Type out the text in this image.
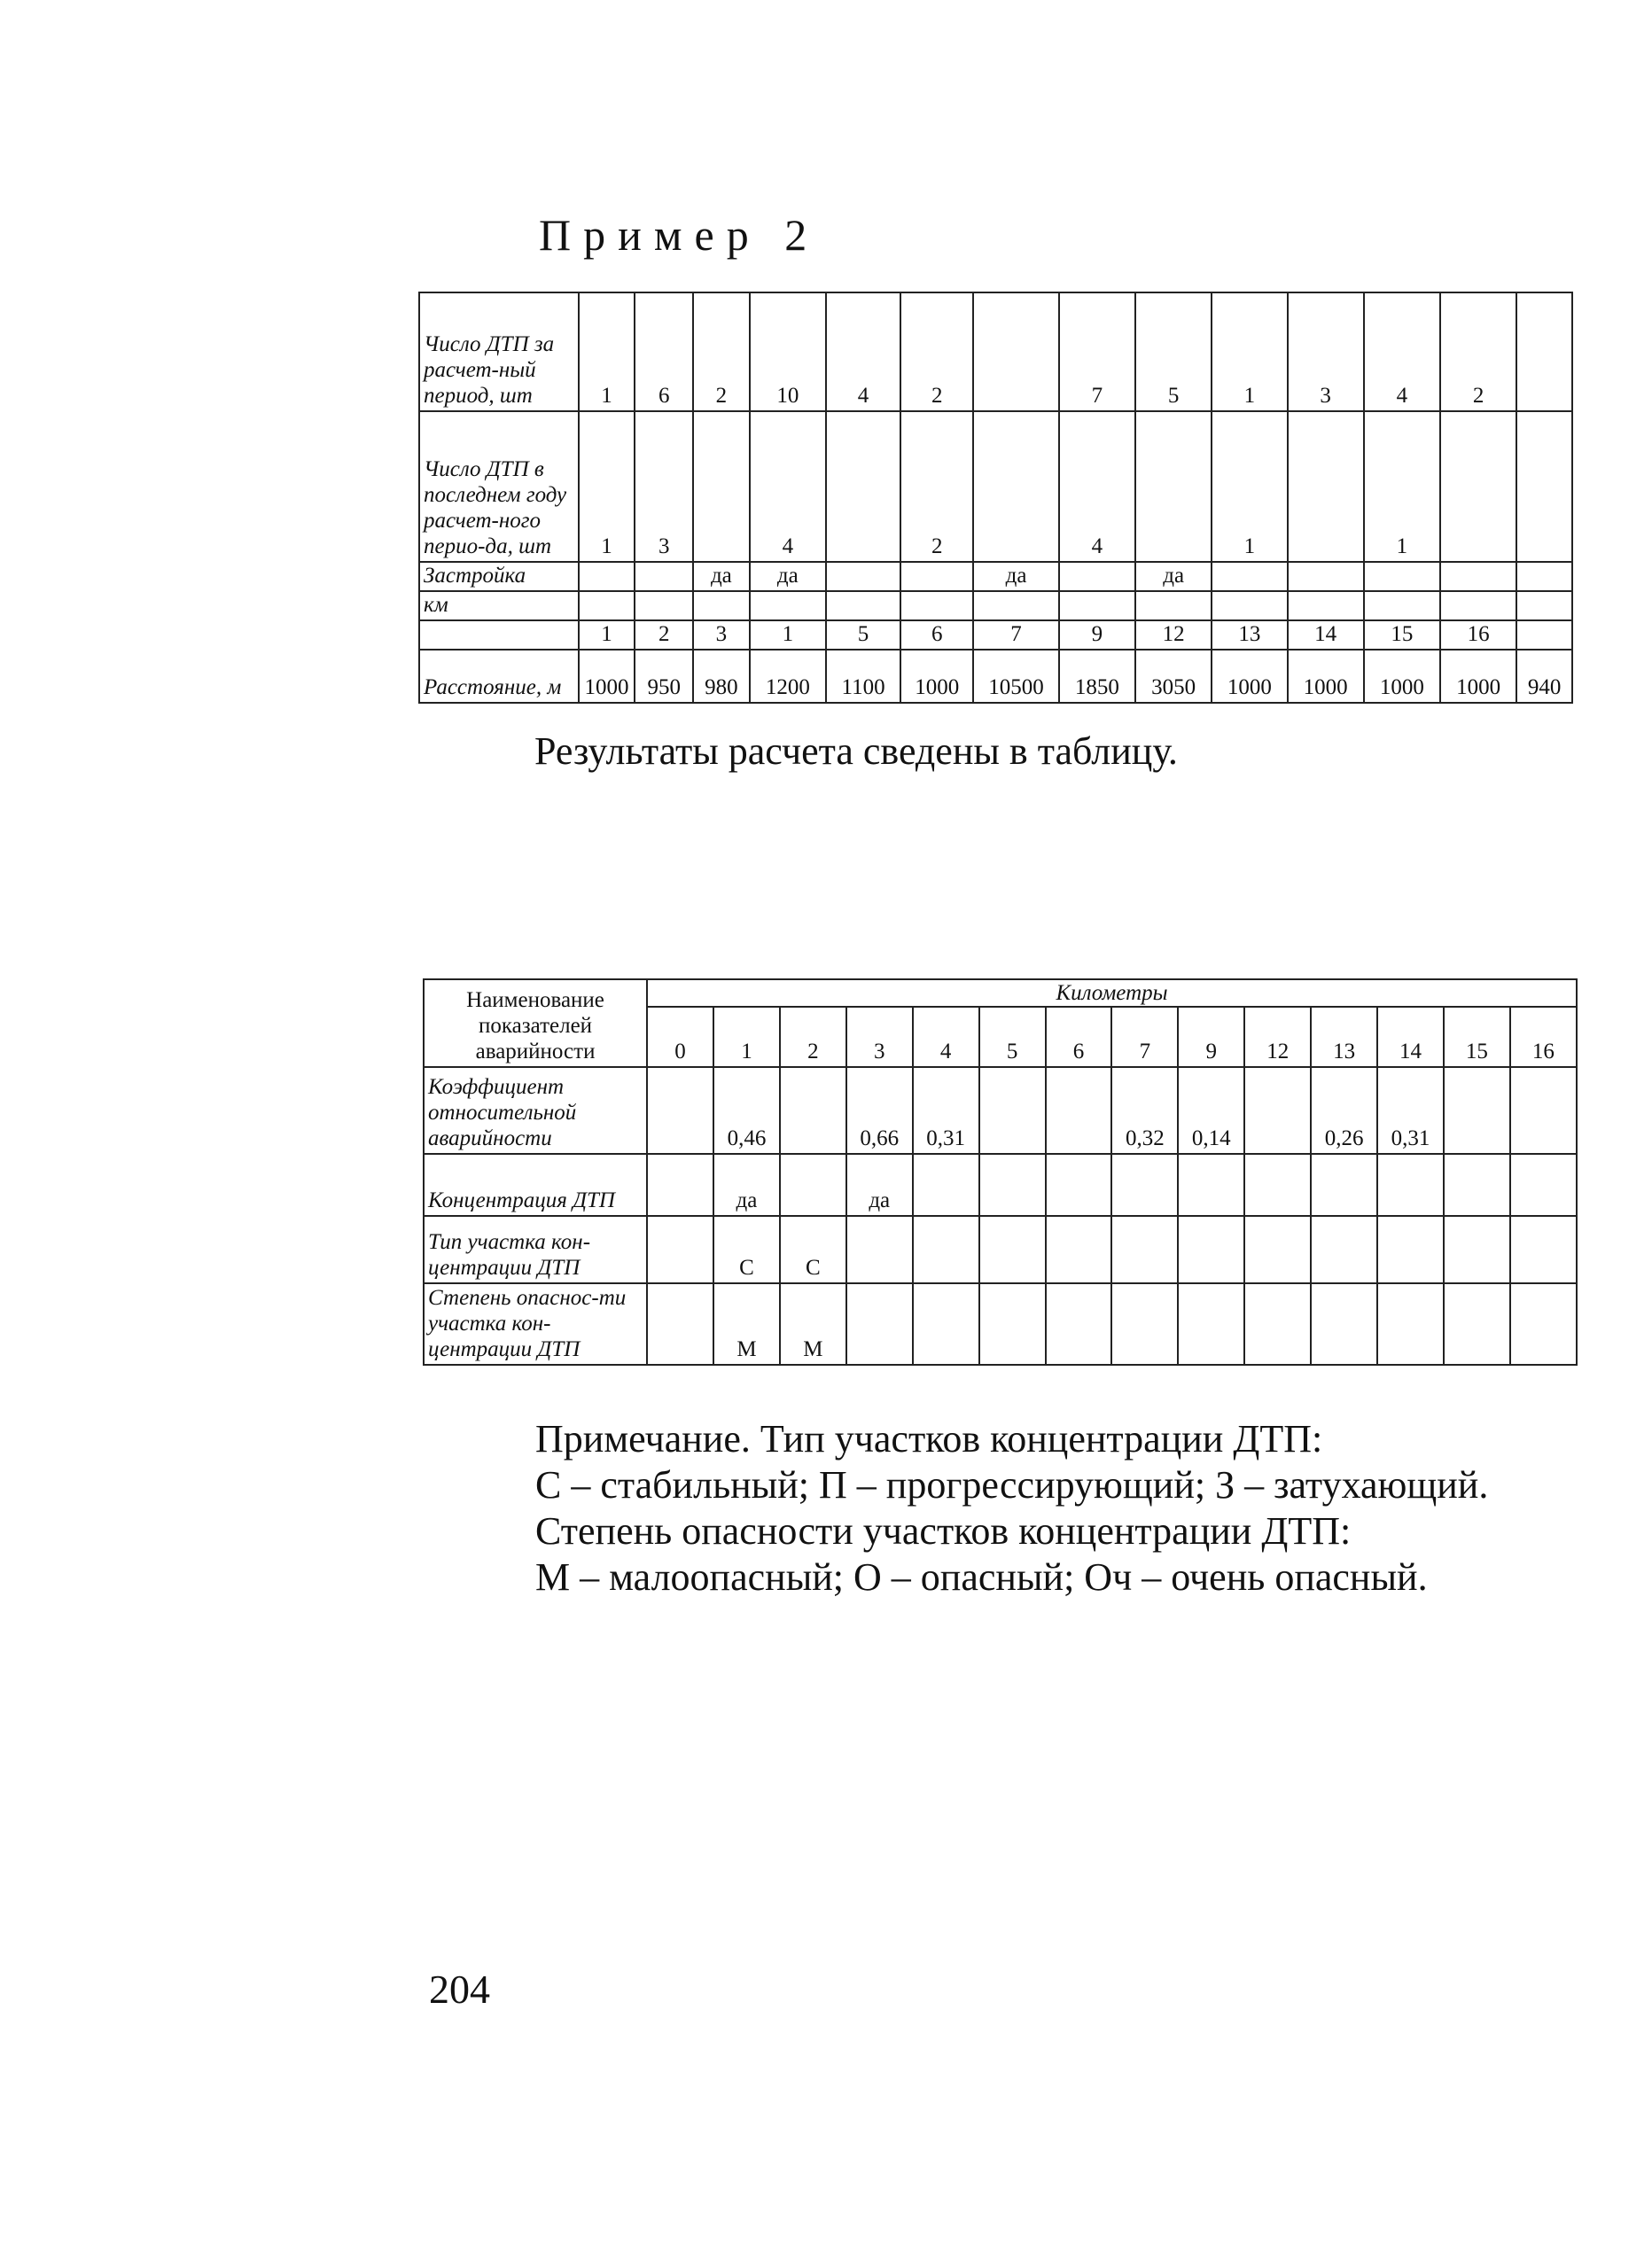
Пример 2
Число ДТП за расчет-ный период, шт	1	6	2	10	4	2		7	5	1	3	4	2	
Число ДТП в последнем году расчет-ного перио-да, шт	1	3		4		2		4		1		1		
Застройка			да	да			да		да					
км														
	1	2	3	1	5	6	7	9	12	13	14	15	16	
Расстояние, м	1000	950	980	1200	1100	1000	10500	1850	3050	1000	1000	1000	1000	940

Результаты расчета сведены в таблицу.

Наименование показателей аварийности	Километры													
	0	1	2	3	4	5	6	7	9	12	13	14	15	16
Коэффициент относительной аварийности		0,46		0,66	0,31			0,32	0,14		0,26	0,31		
Концентрация ДТП		да		да										
Тип участка кон-центрации ДТП		С	С											
Степень опаснос-ти участка кон-центрации ДТП		М	М											

Примечание. Тип участков концентрации ДТП:

С – стабильный; П – прогрессирующий; З – затухающий.

Степень опасности участков концентрации ДТП:

М – малоопасный; О – опасный; Оч – очень опасный.

204
